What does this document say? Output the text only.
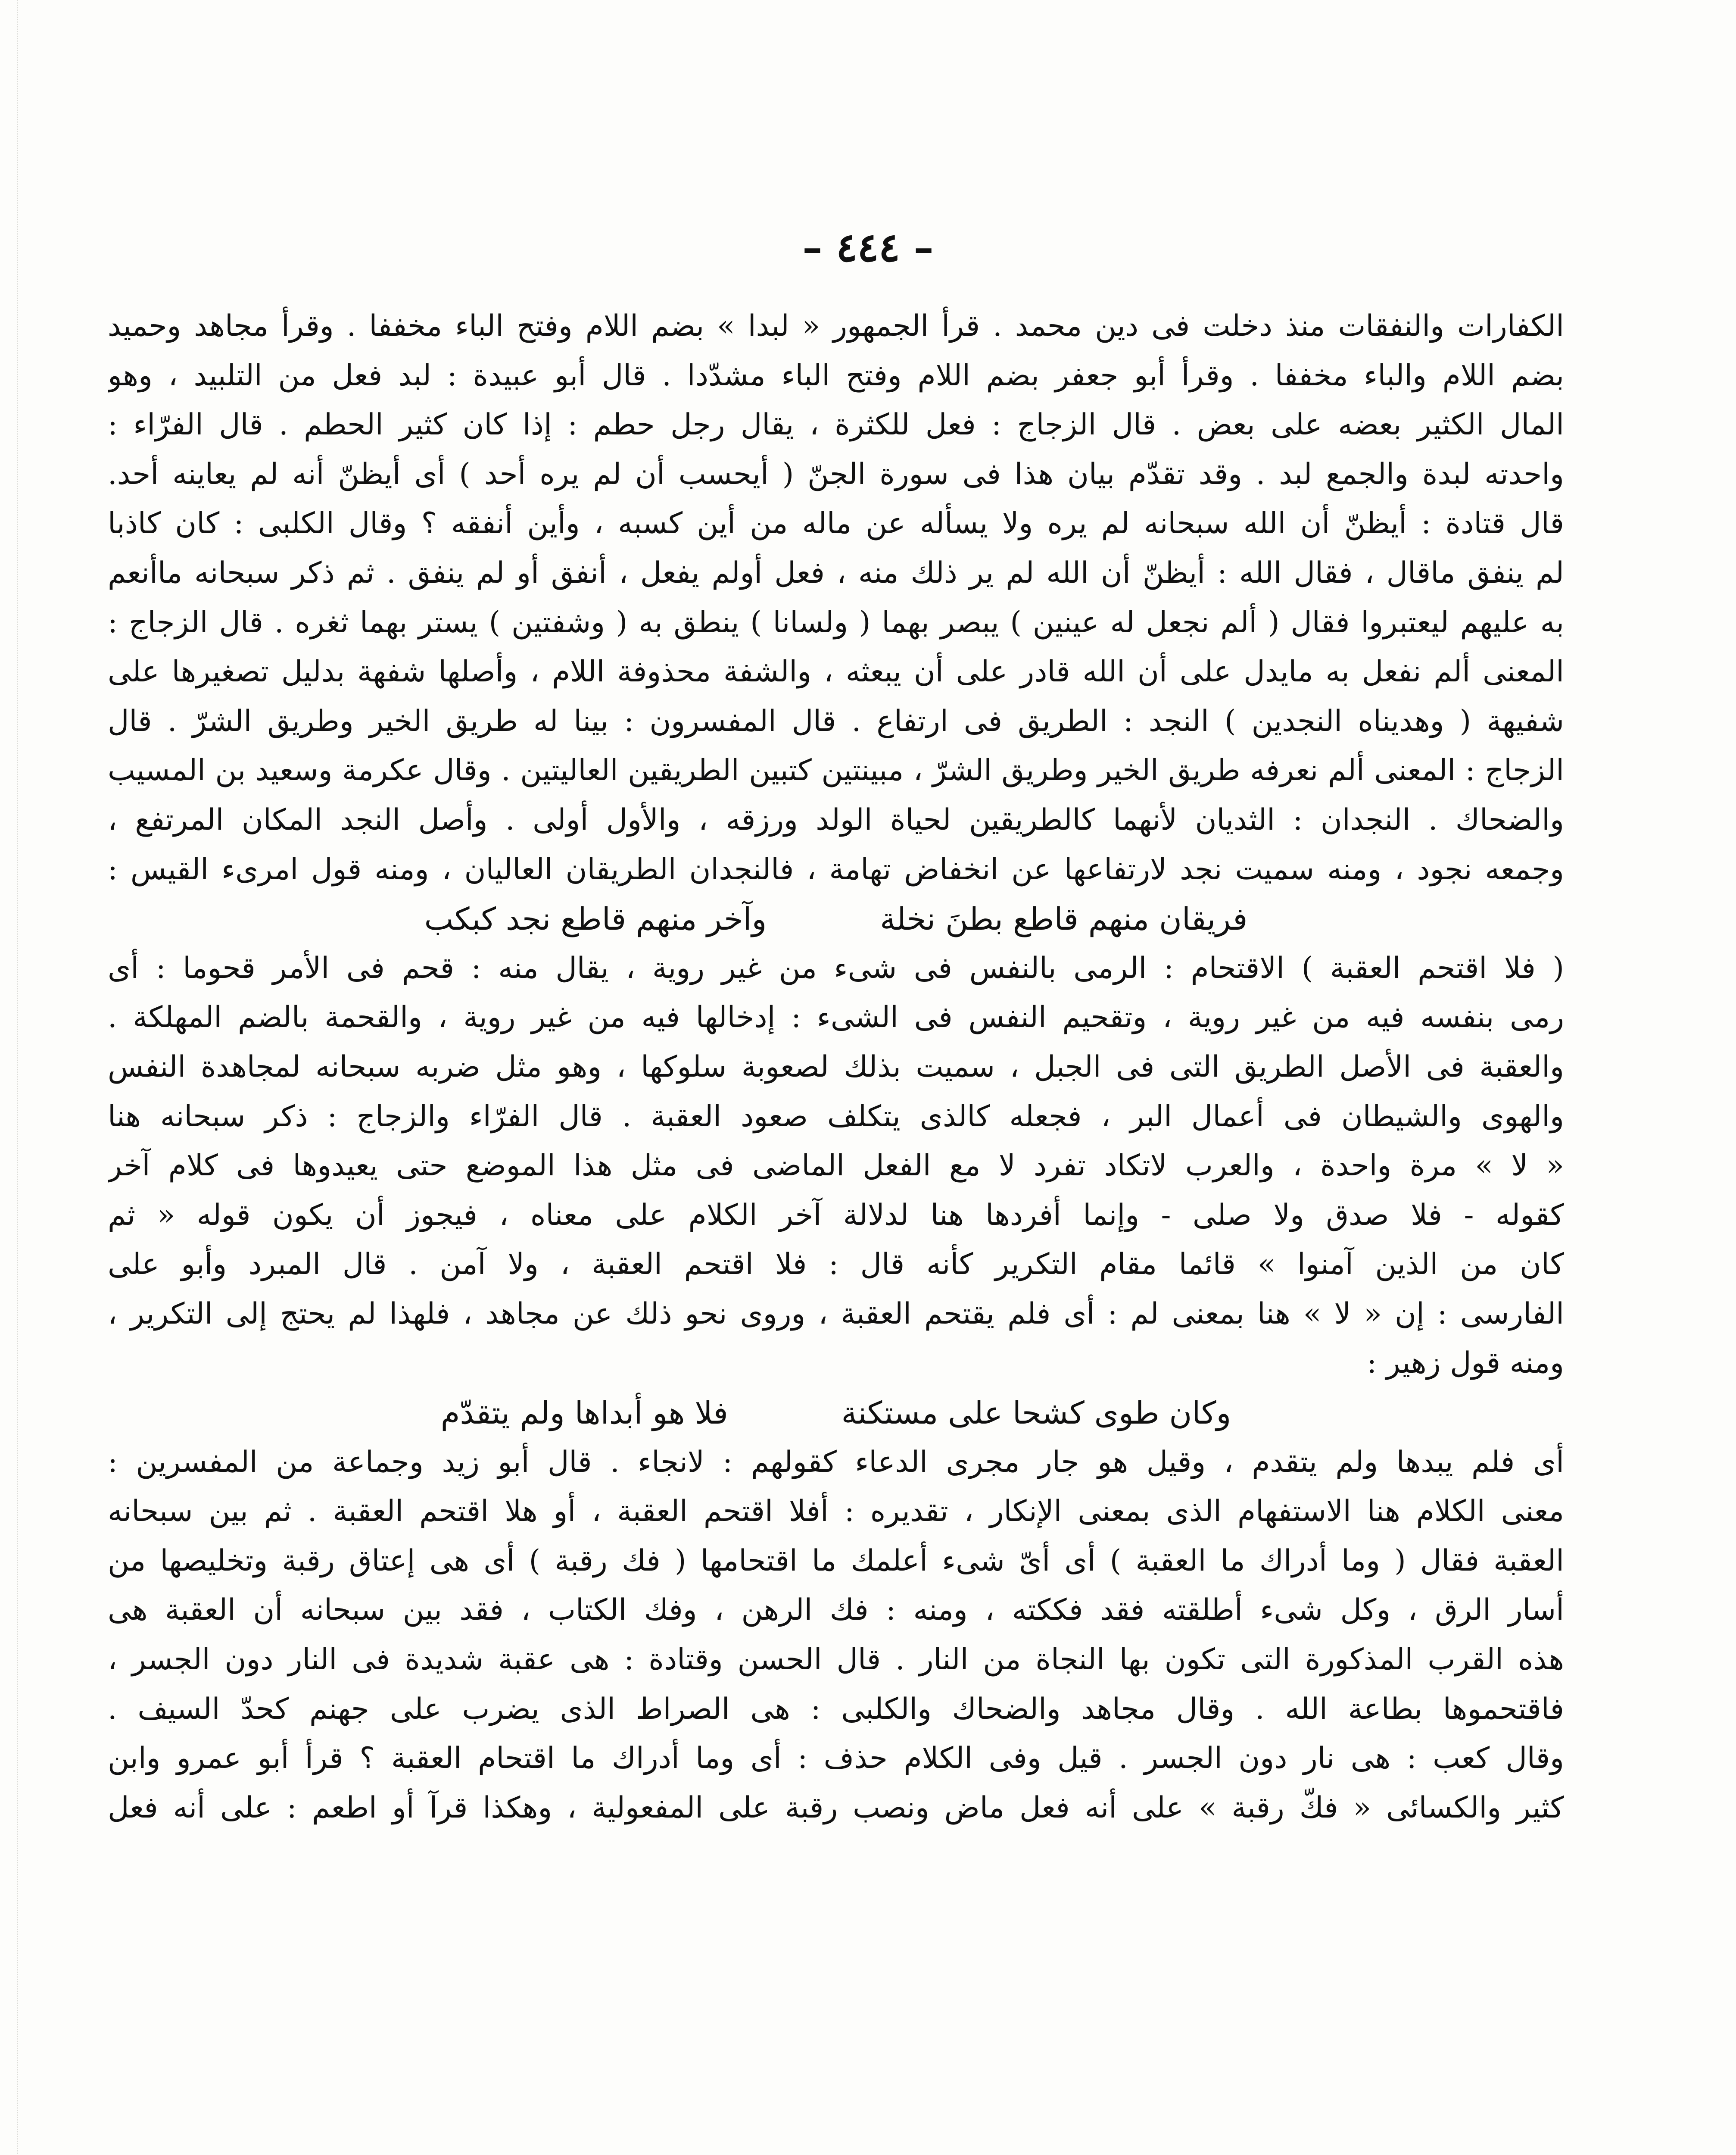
– ٤٤٤ –
الكفارات والنفقات منذ دخلت فى دين محمد . قرأ الجمهور « لبدا » بضم اللام وفتح الباء مخففا . وقرأ مجاهد وحميد
بضم اللام والباء مخففا . وقرأ أبو جعفر بضم اللام وفتح الباء مشدّدا . قال أبو عبيدة : لبد فعل من التلبيد ، وهو
المال الكثير بعضه على بعض . قال الزجاج : فعل للكثرة ، يقال رجل حطم : إذا كان كثير الحطم . قال الفرّاء :
واحدته لبدة والجمع لبد . وقد تقدّم بيان هذا فى سورة الجنّ ( أيحسب أن لم يره أحد ) أى أيظنّ أنه لم يعاينه أحد.
قال قتادة : أيظنّ أن الله سبحانه لم يره ولا يسأله عن ماله من أين كسبه ، وأين أنفقه ؟ وقال الكلبى : كان كاذبا
لم ينفق ماقال ، فقال الله : أيظنّ أن الله لم ير ذلك منه ، فعل أولم يفعل ، أنفق أو لم ينفق . ثم ذكر سبحانه ماأنعم
به عليهم ليعتبروا فقال ( ألم نجعل له عينين ) يبصر بهما ( ولسانا ) ينطق به ( وشفتين ) يستر بهما ثغره . قال الزجاج :
المعنى ألم نفعل به مايدل على أن الله قادر على أن يبعثه ، والشفة محذوفة اللام ، وأصلها شفهة بدليل تصغيرها على
شفيهة ( وهديناه النجدين ) النجد : الطريق فى ارتفاع . قال المفسرون : بينا له طريق الخير وطريق الشرّ . قال
الزجاج : المعنى ألم نعرفه طريق الخير وطريق الشرّ ، مبينتين كتبين الطريقين العاليتين . وقال عكرمة وسعيد بن المسيب
والضحاك . النجدان : الثديان لأنهما كالطريقين لحياة الولد ورزقه ، والأول أولى . وأصل النجد المكان المرتفع ،
وجمعه نجود ، ومنه سميت نجد لارتفاعها عن انخفاض تهامة ، فالنجدان الطريقان العاليان ، ومنه قول امرىء القيس :
فريقان منهم قاطع بطنَ نخلة وآخر منهم قاطع نجد كبكب
( فلا اقتحم العقبة ) الاقتحام : الرمى بالنفس فى شىء من غير روية ، يقال منه : قحم فى الأمر قحوما : أى
رمى بنفسه فيه من غير روية ، وتقحيم النفس فى الشىء : إدخالها فيه من غير روية ، والقحمة بالضم المهلكة .
والعقبة فى الأصل الطريق التى فى الجبل ، سميت بذلك لصعوبة سلوكها ، وهو مثل ضربه سبحانه لمجاهدة النفس
والهوى والشيطان فى أعمال البر ، فجعله كالذى يتكلف صعود العقبة . قال الفرّاء والزجاج : ذكر سبحانه هنا
« لا » مرة واحدة ، والعرب لاتكاد تفرد لا مع الفعل الماضى فى مثل هذا الموضع حتى يعيدوها فى كلام آخر
كقوله - فلا صدق ولا صلى - وإنما أفردها هنا لدلالة آخر الكلام على معناه ، فيجوز أن يكون قوله « ثم
كان من الذين آمنوا » قائما مقام التكرير كأنه قال : فلا اقتحم العقبة ، ولا آمن . قال المبرد وأبو على
الفارسى : إن « لا » هنا بمعنى لم : أى فلم يقتحم العقبة ، وروى نحو ذلك عن مجاهد ، فلهذا لم يحتج إلى التكرير ،
ومنه قول زهير :
وكان طوى كشحا على مستكنة فلا هو أبداها ولم يتقدّم
أى فلم يبدها ولم يتقدم ، وقيل هو جار مجرى الدعاء كقولهم : لانجاء . قال أبو زيد وجماعة من المفسرين :
معنى الكلام هنا الاستفهام الذى بمعنى الإنكار ، تقديره : أفلا اقتحم العقبة ، أو هلا اقتحم العقبة . ثم بين سبحانه
العقبة فقال ( وما أدراك ما العقبة ) أى أىّ شىء أعلمك ما اقتحامها ( فك رقبة ) أى هى إعتاق رقبة وتخليصها من
أسار الرق ، وكل شىء أطلقته فقد فككته ، ومنه : فك الرهن ، وفك الكتاب ، فقد بين سبحانه أن العقبة هى
هذه القرب المذكورة التى تكون بها النجاة من النار . قال الحسن وقتادة : هى عقبة شديدة فى النار دون الجسر ،
فاقتحموها بطاعة الله . وقال مجاهد والضحاك والكلبى : هى الصراط الذى يضرب على جهنم كحدّ السيف .
وقال كعب : هى نار دون الجسر . قيل وفى الكلام حذف : أى وما أدراك ما اقتحام العقبة ؟ قرأ أبو عمرو وابن
كثير والكسائى « فكّ رقبة » على أنه فعل ماض ونصب رقبة على المفعولية ، وهكذا قرآ أو اطعم : على أنه فعل
